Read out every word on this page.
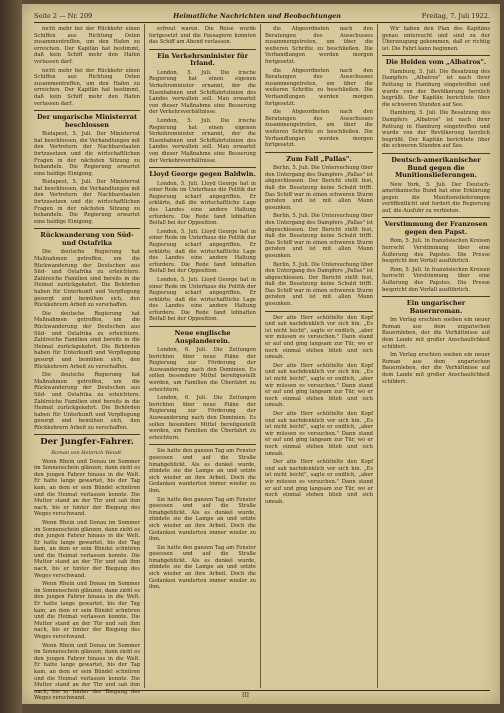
Seite 2 — Nr. 209	Heimatliche Nachrichten und Beobachtungen	Freitag, 7. Juli 1922.

nicht mehr bei der Rückkehr einen Schiffen aus Richtung Osten zusammentreffen, um den Hafen zu erreichen. Der Kapitän hat bestimmt, daß kein Schiff mehr den Hafen verlassen darf.

nicht mehr bei der Rückkehr einen Schiffen aus Richtung Osten zusammentreffen, um den Hafen zu erreichen. Der Kapitän hat bestimmt, daß kein Schiff mehr den Hafen verlassen darf.

Der ungarische Ministerrat beschlossen

Budapest, 5. Juli. Der Ministerrat hat beschlossen, die Verhandlungen mit den Vertretern der Nachbarstaaten fortzusetzen und die wirtschaftlichen Fragen in der nächsten Sitzung zu behandeln. Die Regierung erwartet eine baldige Einigung.

Budapest, 5. Juli. Der Ministerrat hat beschlossen, die Verhandlungen mit den Vertretern der Nachbarstaaten fortzusetzen und die wirtschaftlichen Fragen in der nächsten Sitzung zu behandeln. Die Regierung erwartet eine baldige Einigung.

Rückwanderung von Süd- und Ostafrika

Die deutsche Regierung hat Maßnahmen getroffen, um die Rückwanderung der Deutschen aus Süd- und Ostafrika zu erleichtern. Zahlreiche Familien sind bereits in die Heimat zurückgekehrt. Die Behörden haben für Unterkunft und Verpflegung gesorgt und bemühen sich, den Rückkehrern Arbeit zu verschaffen.

Die deutsche Regierung hat Maßnahmen getroffen, um die Rückwanderung der Deutschen aus Süd- und Ostafrika zu erleichtern. Zahlreiche Familien sind bereits in die Heimat zurückgekehrt. Die Behörden haben für Unterkunft und Verpflegung gesorgt und bemühen sich, den Rückkehrern Arbeit zu verschaffen.

Die deutsche Regierung hat Maßnahmen getroffen, um die Rückwanderung der Deutschen aus Süd- und Ostafrika zu erleichtern. Zahlreiche Familien sind bereits in die Heimat zurückgekehrt. Die Behörden haben für Unterkunft und Verpflegung gesorgt und bemühen sich, den Rückkehrern Arbeit zu verschaffen.

Der Jungfer-Fahrer.
Roman von Heinrich Wendt.

Wenn Rhein und Donau im Sommer im Sonnenschein glänzen, dann zieht es den jungen Fahrer hinaus in die Welt. Er hatte lange gewartet, bis der Tag kam, an dem er sein Bündel schnüren und die Heimat verlassen konnte. Die Mutter stand an der Tür und sah ihm nach, bis er hinter der Biegung des Weges verschwand.

Wenn Rhein und Donau im Sommer im Sonnenschein glänzen, dann zieht es den jungen Fahrer hinaus in die Welt. Er hatte lange gewartet, bis der Tag kam, an dem er sein Bündel schnüren und die Heimat verlassen konnte. Die Mutter stand an der Tür und sah ihm nach, bis er hinter der Biegung des Weges verschwand.

Wenn Rhein und Donau im Sommer im Sonnenschein glänzen, dann zieht es den jungen Fahrer hinaus in die Welt. Er hatte lange gewartet, bis der Tag kam, an dem er sein Bündel schnüren und die Heimat verlassen konnte. Die Mutter stand an der Tür und sah ihm nach, bis er hinter der Biegung des Weges verschwand.

Wenn Rhein und Donau im Sommer im Sonnenschein glänzen, dann zieht es den jungen Fahrer hinaus in die Welt. Er hatte lange gewartet, bis der Tag kam, an dem er sein Bündel schnüren und die Heimat verlassen konnte. Die Mutter stand an der Tür und sah ihm nach, bis er hinter der Biegung des Weges verschwand.

erfreut waren. Die Reise wurde fortgesetzt und die Passagiere konnten das Schiff am Abend verlassen.

Ein Verkehrsminister für Irland.

London, 5. Juli. Die irische Regierung hat einen eigenen Verkehrsminister ernannt, der die Eisenbahnen und Schiffahrtslinien des Landes verwalten soll. Man erwartet von dieser Maßnahme eine Besserung der Verkehrsverhältnisse.

London, 5. Juli. Die irische Regierung hat einen eigenen Verkehrsminister ernannt, der die Eisenbahnen und Schiffahrtslinien des Landes verwalten soll. Man erwartet von dieser Maßnahme eine Besserung der Verkehrsverhältnisse.

Lloyd George gegen Baldwin.

London, 5. Juli. Lloyd George hat in einer Rede im Unterhaus die Politik der Regierung scharf angegriffen. Er erklärte, daß die wirtschaftliche Lage des Landes eine andere Haltung erfordere. Die Rede fand lebhaften Beifall bei der Opposition.

London, 5. Juli. Lloyd George hat in einer Rede im Unterhaus die Politik der Regierung scharf angegriffen. Er erklärte, daß die wirtschaftliche Lage des Landes eine andere Haltung erfordere. Die Rede fand lebhaften Beifall bei der Opposition.

London, 5. Juli. Lloyd George hat in einer Rede im Unterhaus die Politik der Regierung scharf angegriffen. Er erklärte, daß die wirtschaftliche Lage des Landes eine andere Haltung erfordere. Die Rede fand lebhaften Beifall bei der Opposition.

Neue englische Ausplanderein.

London, 6. Juli. Die Zeitungen berichten über neue Pläne der Regierung zur Förderung der Auswanderung nach den Dominien. Es sollen besondere Mittel bereitgestellt werden, um Familien die Überfahrt zu erleichtern.

London, 6. Juli. Die Zeitungen berichten über neue Pläne der Regierung zur Förderung der Auswanderung nach den Dominien. Es sollen besondere Mittel bereitgestellt werden, um Familien die Überfahrt zu erleichtern.

Sie hatte den ganzen Tag am Fenster gesessen und auf die Straße hinabgeblickt. Als es dunkel wurde, zündete sie die Lampe an und setzte sich wieder an ihre Arbeit. Doch die Gedanken wanderten immer wieder zu ihm.

Sie hatte den ganzen Tag am Fenster gesessen und auf die Straße hinabgeblickt. Als es dunkel wurde, zündete sie die Lampe an und setzte sich wieder an ihre Arbeit. Doch die Gedanken wanderten immer wieder zu ihm.

Sie hatte den ganzen Tag am Fenster gesessen und auf die Straße hinabgeblickt. Als es dunkel wurde, zündete sie die Lampe an und setzte sich wieder an ihre Arbeit. Doch die Gedanken wanderten immer wieder zu ihm.

die Abgeordneten nach den Beratungen des Ausschusses zusammengetreten, um über die weiteren Schritte zu beschließen. Die Verhandlungen werden morgen fortgesetzt.

die Abgeordneten nach den Beratungen des Ausschusses zusammengetreten, um über die weiteren Schritte zu beschließen. Die Verhandlungen werden morgen fortgesetzt.

die Abgeordneten nach den Beratungen des Ausschusses zusammengetreten, um über die weiteren Schritte zu beschließen. Die Verhandlungen werden morgen fortgesetzt.

Zum Fall „Pallas".

Berlin, 5. Juli. Die Untersuchung über den Untergang des Dampfers „Pallas" ist abgeschlossen. Der Bericht stellt fest, daß die Besatzung keine Schuld trifft. Das Schiff war in einen schweren Sturm geraten und ist mit allen Mann gesunken.

Berlin, 5. Juli. Die Untersuchung über den Untergang des Dampfers „Pallas" ist abgeschlossen. Der Bericht stellt fest, daß die Besatzung keine Schuld trifft. Das Schiff war in einen schweren Sturm geraten und ist mit allen Mann gesunken.

Berlin, 5. Juli. Die Untersuchung über den Untergang des Dampfers „Pallas" ist abgeschlossen. Der Bericht stellt fest, daß die Besatzung keine Schuld trifft. Das Schiff war in einen schweren Sturm geraten und ist mit allen Mann gesunken.

Der alte Herr schüttelte den Kopf und sah nachdenklich vor sich hin. „Es ist nicht leicht", sagte er endlich, „aber wir müssen es versuchen." Dann stand er auf und ging langsam zur Tür, wo er noch einmal stehen blieb und sich umsah.

Der alte Herr schüttelte den Kopf und sah nachdenklich vor sich hin. „Es ist nicht leicht", sagte er endlich, „aber wir müssen es versuchen." Dann stand er auf und ging langsam zur Tür, wo er noch einmal stehen blieb und sich umsah.

Der alte Herr schüttelte den Kopf und sah nachdenklich vor sich hin. „Es ist nicht leicht", sagte er endlich, „aber wir müssen es versuchen." Dann stand er auf und ging langsam zur Tür, wo er noch einmal stehen blieb und sich umsah.

Der alte Herr schüttelte den Kopf und sah nachdenklich vor sich hin. „Es ist nicht leicht", sagte er endlich, „aber wir müssen es versuchen." Dann stand er auf und ging langsam zur Tür, wo er noch einmal stehen blieb und sich umsah.

Wir haben den Plan des Kapitäns genau untersucht und sind zu der Überzeugung gekommen, daß er richtig ist. Die Fahrt kann beginnen.

Die Helden vom „Albatros".

Hamburg, 5. Juli. Die Besatzung des Dampfers „Albatros" ist nach ihrer Rettung in Hamburg eingetroffen und wurde von der Bevölkerung herzlich begrüßt. Der Kapitän berichtete über die schweren Stunden auf See.

Hamburg, 5. Juli. Die Besatzung des Dampfers „Albatros" ist nach ihrer Rettung in Hamburg eingetroffen und wurde von der Bevölkerung herzlich begrüßt. Der Kapitän berichtete über die schweren Stunden auf See.

Deutsch-amerikanischer Bund gegen die Munitionslieferungen.

New York, 5. Juli. Der Deutsch-amerikanische Bund hat eine Erklärung gegen die Munitionslieferungen veröffentlicht und fordert die Regierung auf, die Ausfuhr zu verbieten.

Verstimmung der Franzosen gegen den Papst.

Rom, 5. Juli. In französischen Kreisen herrscht Verstimmung über eine Äußerung des Papstes. Die Presse bespricht den Vorfall ausführlich.

Rom, 5. Juli. In französischen Kreisen herrscht Verstimmung über eine Äußerung des Papstes. Die Presse bespricht den Vorfall ausführlich.

Ein ungarischer Bauernroman.

Im Verlag erschien soeben ein neuer Roman aus dem ungarischen Bauernleben, der die Verhältnisse auf dem Lande mit großer Anschaulichkeit schildert.

Im Verlag erschien soeben ein neuer Roman aus dem ungarischen Bauernleben, der die Verhältnisse auf dem Lande mit großer Anschaulichkeit schildert.

III
